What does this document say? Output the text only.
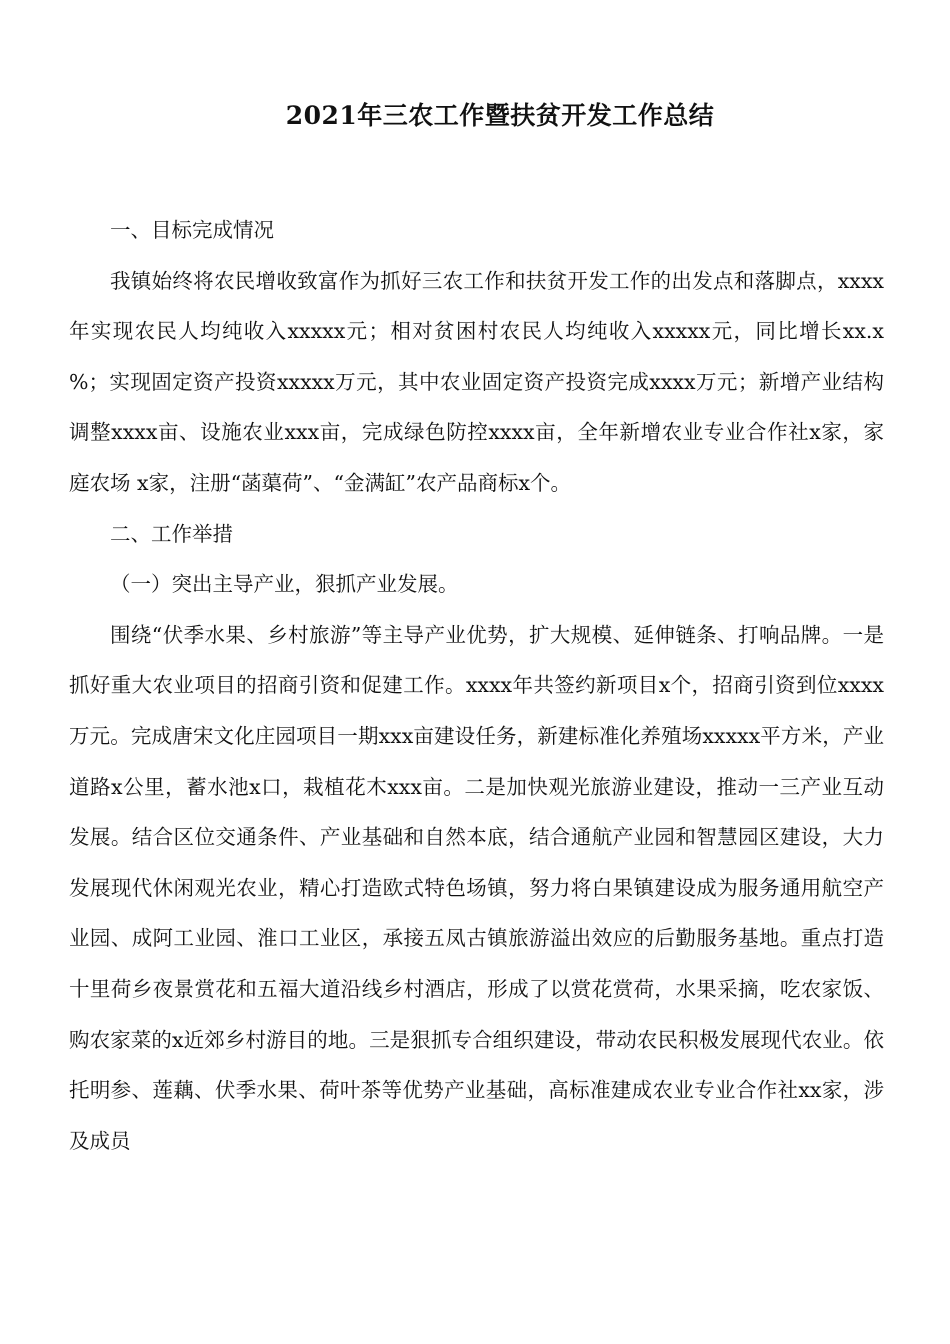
2021年三农工作暨扶贫开发工作总结

一、目标完成情况

我镇始终将农民增收致富作为抓好三农工作和扶贫开发工作的出发点和落脚点，xxxx年实现农民人均纯收入xxxxx元；相对贫困村农民人均纯收入xxxxx元，同比增长xx.x %；实现固定资产投资xxxxx万元，其中农业固定资产投资完成xxxx万元；新增产业结构调整xxxx亩、设施农业xxx亩，完成绿色防控xxxx亩，全年新增农业专业合作社x家，家庭农场 x家，注册“菡蕖荷”、“金满缸”农产品商标x个。

二、工作举措

（一）突出主导产业，狠抓产业发展。

围绕“伏季水果、乡村旅游”等主导产业优势，扩大规模、延伸链条、打响品牌。一是抓好重大农业项目的招商引资和促建工作。xxxx年共签约新项目x个，招商引资到位xxxx万元。完成唐宋文化庄园项目一期xxx亩建设任务，新建标准化养殖场xxxxx平方米，产业道路x公里，蓄水池x口，栽植花木xxx亩。二是加快观光旅游业建设，推动一三产业互动发展。结合区位交通条件、产业基础和自然本底，结合通航产业园和智慧园区建设，大力发展现代休闲观光农业，精心打造欧式特色场镇，努力将白果镇建设成为服务通用航空产业园、成阿工业园、淮口工业区，承接五凤古镇旅游溢出效应的后勤服务基地。重点打造十里荷乡夜景赏花和五福大道沿线乡村酒店，形成了以赏花赏荷，水果采摘，吃农家饭、购农家菜的x近郊乡村游目的地。三是狠抓专合组织建设，带动农民积极发展现代农业。依托明参、莲藕、伏季水果、荷叶茶等优势产业基础，高标准建成农业专业合作社xx家，涉及成员
